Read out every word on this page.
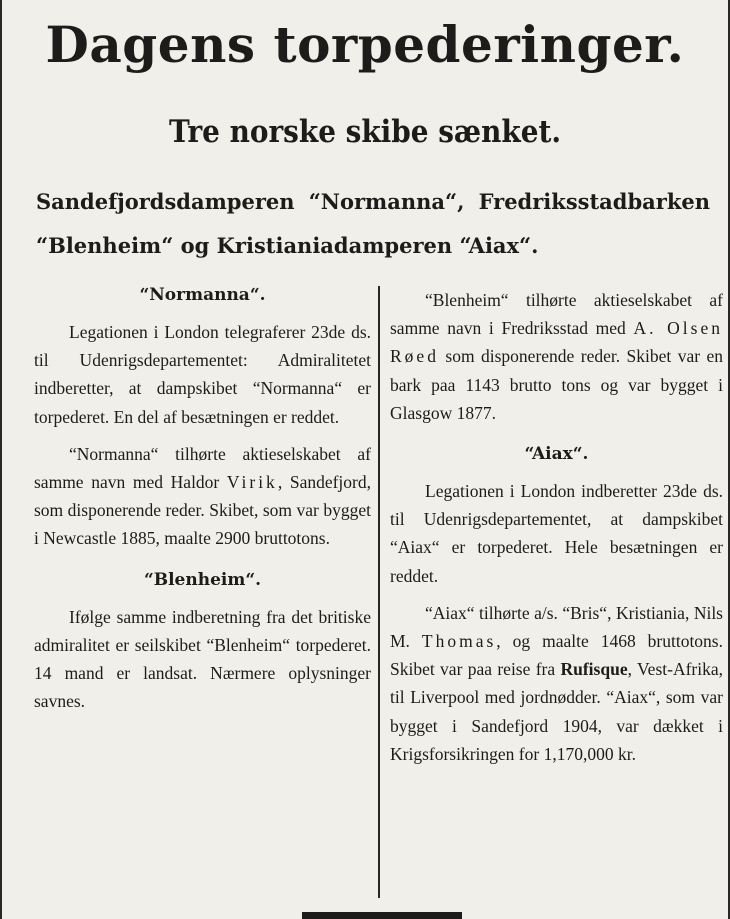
Dagens torpederinger.
Tre norske skibe sænket.
Sandefjordsdamperen “Normanna“, Fredriksstadbarken “Blenheim“ og Kristianiadamperen “Aiax“.
“Normanna“.

Legationen i London telegraferer 23de ds. til Udenrigsdepartementet: Admiralitetet indberetter, at dampskibet “Normanna“ er torpederet. En del af besætningen er reddet.

“Normanna“ tilhørte aktieselskabet af samme navn med Haldor Virik, Sandefjord, som disponerende reder. Skibet, som var bygget i Newcastle 1885, maalte 2900 bruttotons.

“Blenheim“.

Ifølge samme indberetning fra det britiske admiralitet er seilskibet “Blenheim“ torpederet. 14 mand er landsat. Nærmere oplysninger savnes.

“Blenheim“ tilhørte aktieselskabet af samme navn i Fredriksstad med A. Olsen Røed som disponerende reder. Skibet var en bark paa 1143 brutto tons og var bygget i Glasgow 1877.

“Aiax“.

Legationen i London indberetter 23de ds. til Udenrigsdepartementet, at dampskibet “Aiax“ er torpederet. Hele besætningen er reddet.

“Aiax“ tilhørte a/s. “Bris“, Kristiania, Nils M. Thomas, og maalte 1468 bruttotons. Skibet var paa reise fra Rufisque, Vest-Afrika, til Liverpool med jordnødder. “Aiax“, som var bygget i Sandefjord 1904, var dækket i Krigsforsikringen for 1,170,000 kr.
